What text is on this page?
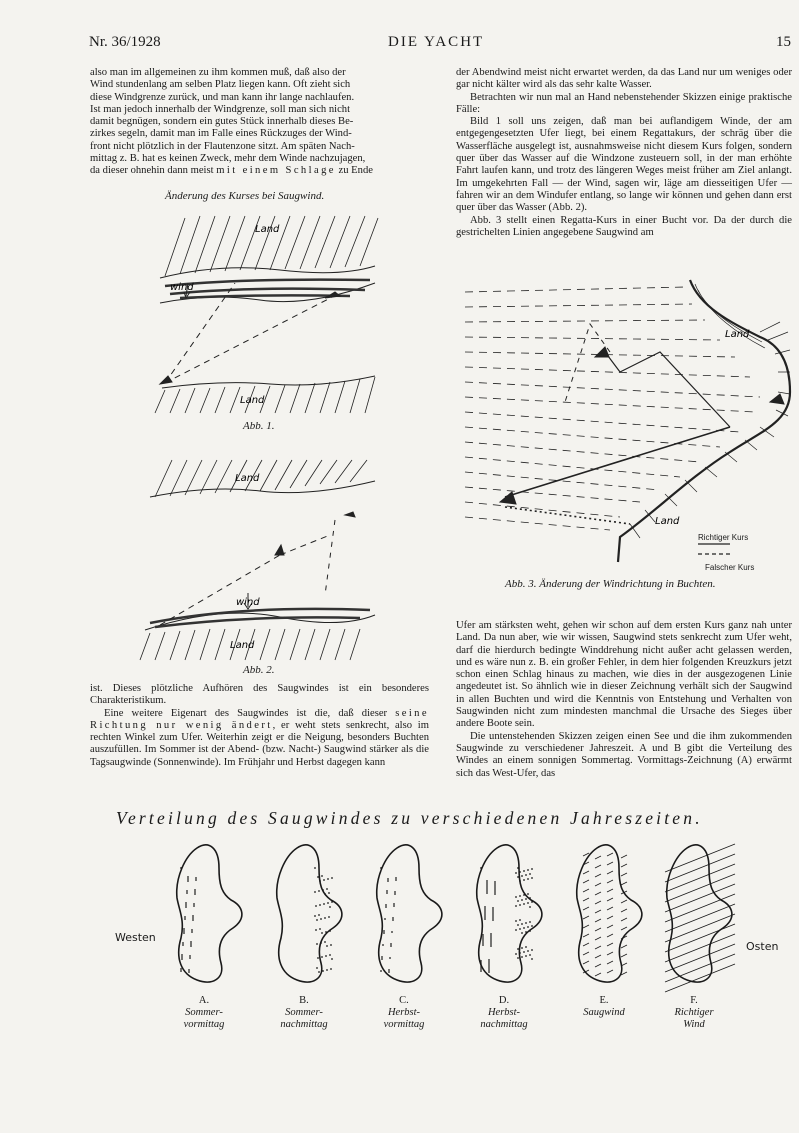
Nr. 36/1928	DIE YACHT	15

also man im allgemeinen zu ihm kommen muß, daß also der

Wind stundenlang am selben Platz liegen kann. Oft zieht sich

diese Windgrenze zurück, und man kann ihr lange nachlaufen.

Ist man jedoch innerhalb der Windgrenze, soll man sich nicht

damit begnügen, sondern ein gutes Stück innerhalb dieses Be-

zirkes segeln, damit man im Falle eines Rückzuges der Wind-

front nicht plötzlich in der Flautenzone sitzt. Am späten Nach-

mittag z. B. hat es keinen Zweck, mehr dem Winde nachzujagen,

da dieser ohnehin dann meist mit einem Schlage zu Ende

Änderung des Kurses bei Saugwind.
Land
Land
wind
Abb. 1.
Land
Land
wind
Abb. 2.

ist. Dieses plötzliche Aufhören des Saugwindes ist ein besonderes Charakteristikum.

Eine weitere Eigenart des Saugwindes ist die, daß dieser seine Richtung nur wenig ändert, er weht stets senkrecht, also im rechten Winkel zum Ufer. Weiterhin zeigt er die Neigung, besonders Buchten auszufüllen. Im Sommer ist der Abend- (bzw. Nacht-) Saugwind stärker als die Tagsaugwinde (Sonnenwinde). Im Frühjahr und Herbst dagegen kann

der Abendwind meist nicht erwartet werden, da das Land nur um weniges oder gar nicht kälter wird als das sehr kalte Wasser.

Betrachten wir nun mal an Hand nebenstehender Skizzen einige praktische Fälle:

Bild 1 soll uns zeigen, daß man bei auflandigem Winde, der am entgegengesetzten Ufer liegt, bei einem Regattakurs, der schräg über die Wasserfläche ausgelegt ist, ausnahmsweise nicht diesem Kurs folgen, sondern quer über das Wasser auf die Windzone zusteuern soll, in der man erhöhte Fahrt laufen kann, und trotz des längeren Weges meist früher am Ziel anlangt. Im umgekehrten Fall — der Wind, sagen wir, läge am diesseitigen Ufer — fahren wir an dem Windufer entlang, so lange wir können und gehen dann erst quer über das Wasser (Abb. 2).

Abb. 3 stellt einen Regatta-Kurs in einer Bucht vor. Da der durch die gestrichelten Linien angegebene Saugwind am

Land
Land
Richtiger Kurs
Falscher Kurs
Abb. 3. Änderung der Windrichtung in Buchten.

Ufer am stärksten weht, gehen wir schon auf dem ersten Kurs ganz nah unter Land. Da nun aber, wie wir wissen, Saugwind stets senkrecht zum Ufer weht, darf die hierdurch bedingte Winddrehung nicht außer acht gelassen werden, und es wäre nun z. B. ein großer Fehler, in dem hier folgenden Kreuzkurs jetzt schon einen Schlag hinaus zu machen, wie dies in der ausgezogenen Linie angedeutet ist. So ähnlich wie in dieser Zeichnung verhält sich der Saugwind in allen Buchten und wird die Kenntnis von Entstehung und Verhalten von Saugwinden nicht zum mindesten manchmal die Ursache des Sieges über andere Boote sein.

Die untenstehenden Skizzen zeigen einen See und die ihm zukommenden Saugwinde zu verschiedener Jahreszeit. A und B gibt die Verteilung des Windes an einem sonnigen Sommertag. Vormittags-Zeichnung (A) erwärmt sich das West-Ufer, das

Verteilung des Saugwindes zu verschiedenen Jahreszeiten.
Westen
Osten
A.
Sommer-
vormittag
B.
Sommer-
nachmittag
C.
Herbst-
vormittag
D.
Herbst-
nachmittag
E.
Saugwind
F.
Richtiger
Wind
